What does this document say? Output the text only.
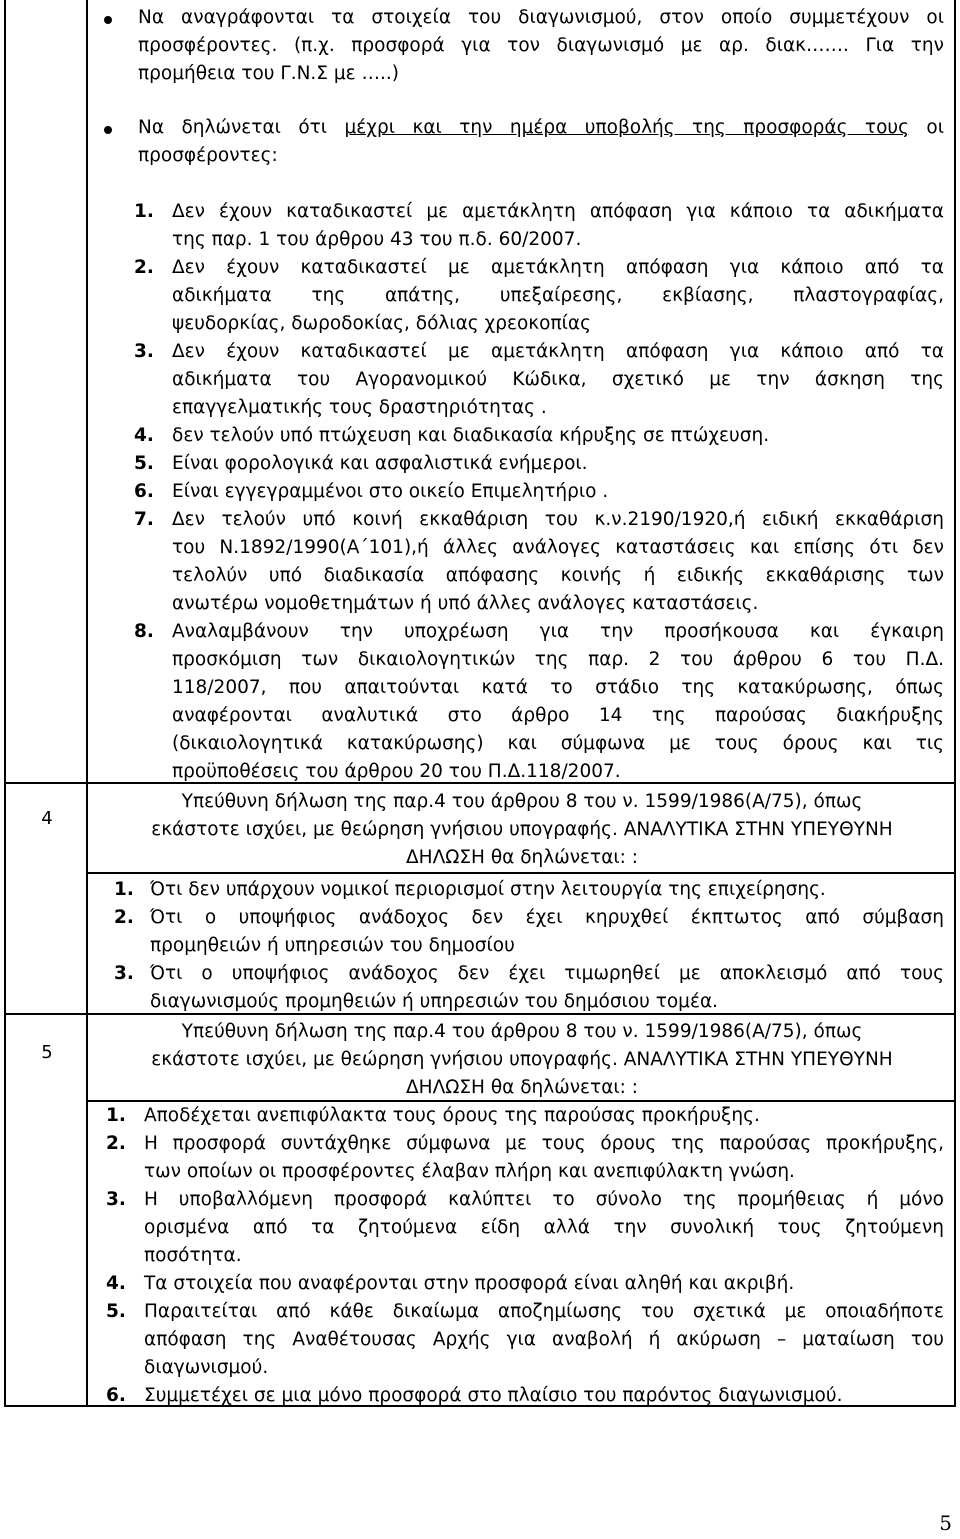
4
5
Να αναγράφονται τα στοιχεία του διαγωνισμού, στον οποίο συμμετέχουν οι
προσφέροντες. (π.χ. προσφορά για τον διαγωνισμό με αρ. διακ……. Για την
προμήθεια του Γ.Ν.Σ με …..)
Να δηλώνεται ότι μέχρι και την ημέρα υποβολής της προσφοράς τους οι
προσφέροντες:
1. Δεν έχουν καταδικαστεί με αμετάκλητη απόφαση για κάποιο τα αδικήματα
της παρ. 1 του άρθρου 43 του π.δ. 60/2007.
2. Δεν έχουν καταδικαστεί με αμετάκλητη απόφαση για κάποιο από τα
αδικήματα της απάτης, υπεξαίρεσης, εκβίασης, πλαστογραφίας,
ψευδορκίας, δωροδοκίας, δόλιας χρεοκοπίας
3. Δεν έχουν καταδικαστεί με αμετάκλητη απόφαση για κάποιο από τα
αδικήματα του Αγορανομικού Κώδικα, σχετικό με την άσκηση της
επαγγελματικής τους δραστηριότητας .
4. δεν τελούν υπό πτώχευση και διαδικασία κήρυξης σε πτώχευση.
5. Είναι φορολογικά και ασφαλιστικά ενήμεροι.
6. Είναι εγγεγραμμένοι στο οικείο Επιμελητήριο .
7. Δεν τελούν υπό κοινή εκκαθάριση του κ.ν.2190/1920,ή ειδική εκκαθάριση
του Ν.1892/1990(Α΄101),ή άλλες ανάλογες καταστάσεις και επίσης ότι δεν
τελολύν υπό διαδικασία απόφασης κοινής ή ειδικής εκκαθάρισης των
ανωτέρω νομοθετημάτων ή υπό άλλες ανάλογες καταστάσεις.
8. Αναλαμβάνουν την υποχρέωση για την προσήκουσα και έγκαιρη
προσκόμιση των δικαιολογητικών της παρ. 2 του άρθρου 6 του Π.Δ.
118/2007, που απαιτούνται κατά το στάδιο της κατακύρωσης, όπως
αναφέρονται αναλυτικά στο άρθρο 14 της παρούσας διακήρυξης
(δικαιολογητικά κατακύρωσης) και σύμφωνα με τους όρους και τις
προϋποθέσεις του άρθρου 20 του Π.Δ.118/2007.
Υπεύθυνη δήλωση της παρ.4 του άρθρου 8 του ν. 1599/1986(Α/75), όπως
εκάστοτε ισχύει, με θεώρηση γνήσιου υπογραφής. ΑΝΑΛΥΤΙΚΑ ΣΤΗΝ ΥΠΕΥΘΥΝΗ
ΔΗΛΩΣΗ θα δηλώνεται: :
1. Ότι δεν υπάρχουν νομικοί περιορισμοί στην λειτουργία της επιχείρησης.
2. Ότι ο υποψήφιος ανάδοχος δεν έχει κηρυχθεί έκπτωτος από σύμβαση
προμηθειών ή υπηρεσιών του δημοσίου
3. Ότι ο υποψήφιος ανάδοχος δεν έχει τιμωρηθεί με αποκλεισμό από τους
διαγωνισμούς προμηθειών ή υπηρεσιών του δημόσιου τομέα.
Υπεύθυνη δήλωση της παρ.4 του άρθρου 8 του ν. 1599/1986(Α/75), όπως
εκάστοτε ισχύει, με θεώρηση γνήσιου υπογραφής. ΑΝΑΛΥΤΙΚΑ ΣΤΗΝ ΥΠΕΥΘΥΝΗ
ΔΗΛΩΣΗ θα δηλώνεται: :
1. Αποδέχεται ανεπιφύλακτα τους όρους της παρούσας προκήρυξης.
2. Η προσφορά συντάχθηκε σύμφωνα με τους όρους της παρούσας προκήρυξης,
των οποίων οι προσφέροντες έλαβαν πλήρη και ανεπιφύλακτη γνώση.
3. Η υποβαλλόμενη προσφορά καλύπτει το σύνολο της προμήθειας ή μόνο
ορισμένα από τα ζητούμενα είδη αλλά την συνολική τους ζητούμενη
ποσότητα.
4. Τα στοιχεία που αναφέρονται στην προσφορά είναι αληθή και ακριβή.
5. Παραιτείται από κάθε δικαίωμα αποζημίωσης του σχετικά με οποιαδήποτε
απόφαση της Αναθέτουσας Αρχής για αναβολή ή ακύρωση – ματαίωση του
διαγωνισμού.
6. Συμμετέχει σε μια μόνο προσφορά στο πλαίσιο του παρόντος διαγωνισμού.
5
